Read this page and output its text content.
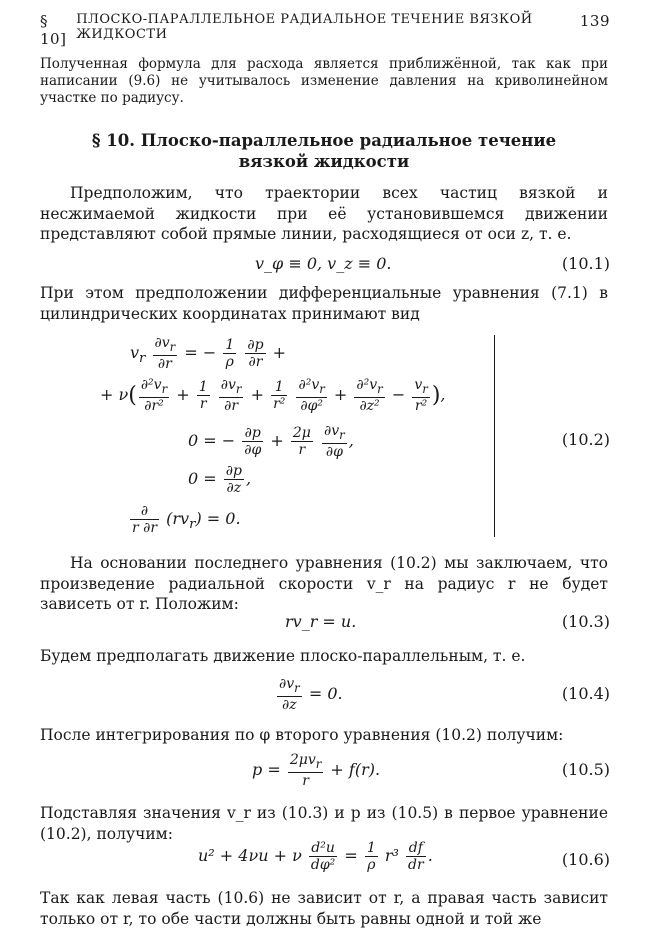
§ 10]
ПЛОСКО-ПАРАЛЛЕЛЬНОЕ РАДИАЛЬНОЕ ТЕЧЕНИЕ ВЯЗКОЙ ЖИДКОСТИ
139

Полученная формула для расхода является приближённой, так как при написании (9.6) не учитывалось изменение давления на криволинейном участке по радиусу.

§ 10. Плоско-параллельное радиальное течение
вязкой жидкости

Предположим, что траектории всех частиц вязкой и несжимаемой жидкости при её установившемся движении представляют собой прямые линии, расходящиеся от оси z, т. е.

v_φ ≡ 0, v_z ≡ 0.	(10.1)

При этом предположении дифференциальные уравнения (7.1) в цилиндрических координатах принимают вид

$v_r \frac{\partial v_r}{\partial r}$ = − $\frac{1}{\rho}$
$\frac{\partial p}{\partial r}$ +
+ $\nu( \frac{\partial^2v_r}{\text{∂r²}} + \frac{1}{r}$
$\frac{\partial v_r}{\partial r} + \frac{1}{\text{r²}}$
$\frac{\partial^2v_r}{\text{∂φ²}} + \frac{\partial^2v_r}{\text{∂z²}} - \frac{v_r}{\text{r²}}$ ),
0 = − $\frac{\partial p}{\partial\varphi} + \frac{2\mu}{r}$
$\frac{\partial v_r}{\partial\varphi}$ ,
$0 = \frac{\partial p}{\partial z}$ ,
$\frac{\partial}{r \partial r} (rv_r) = 0$.
(10.2)

На основании последнего уравнения (10.2) мы заключаем, что произведение радиальной скорости v_r на радиус r не будет зависеть от r. Положим:

rv_r = u.	(10.3)

Будем предполагать движение плоско-параллельным, т. е.

$\frac{\partial v_r}{\partial z} = 0$.	(10.4)

После интегрирования по φ второго уравнения (10.2) получим:

$p = \frac{2\mu v_r}{r} + f(r)$.	(10.5)

Подставляя значения v_r из (10.3) и p из (10.5) в первое уравнение (10.2), получим:

u² + 4νu + ν $\frac{\text{d²u}}{\text{dφ²}} = \frac{1}{\rho} r^3 \frac{df}{dr}$ .	(10.6)

Так как левая часть (10.6) не зависит от r, а правая часть зависит только от r, то обе части должны быть равны одной и той же
